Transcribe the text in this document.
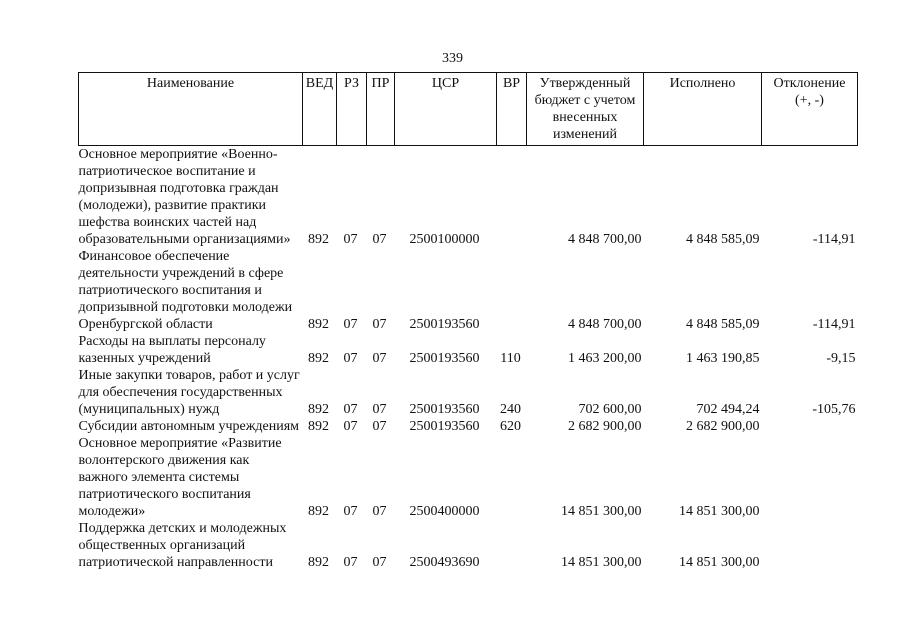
339
Наименование	ВЕД	РЗ	ПР	ЦСР	ВР	Утвержденный бюджет с учетом внесенных изменений	Исполнено	Отклонение (+, -)
Основное мероприятие «Военно-патриотическое воспитание и допризывная подготовка граждан (молодежи), развитие практики шефства воинских частей над образовательными организациями»	892	07	07	2500100000		4 848 700,00	4 848 585,09	-114,91
Финансовое обеспечение деятельности учреждений в сфере патриотического воспитания и допризывной подготовки молодежи Оренбургской области	892	07	07	2500193560		4 848 700,00	4 848 585,09	-114,91
Расходы на выплаты персоналу казенных учреждений	892	07	07	2500193560	110	1 463 200,00	1 463 190,85	-9,15
Иные закупки товаров, работ и услуг для обеспечения государственных (муниципальных) нужд	892	07	07	2500193560	240	702 600,00	702 494,24	-105,76
Субсидии автономным учреждениям	892	07	07	2500193560	620	2 682 900,00	2 682 900,00	
Основное мероприятие «Развитие волонтерского движения как важного элемента системы патриотического воспитания молодежи»	892	07	07	2500400000		14 851 300,00	14 851 300,00	
Поддержка детских и молодежных общественных организаций патриотической направленности	892	07	07	2500493690		14 851 300,00	14 851 300,00	
